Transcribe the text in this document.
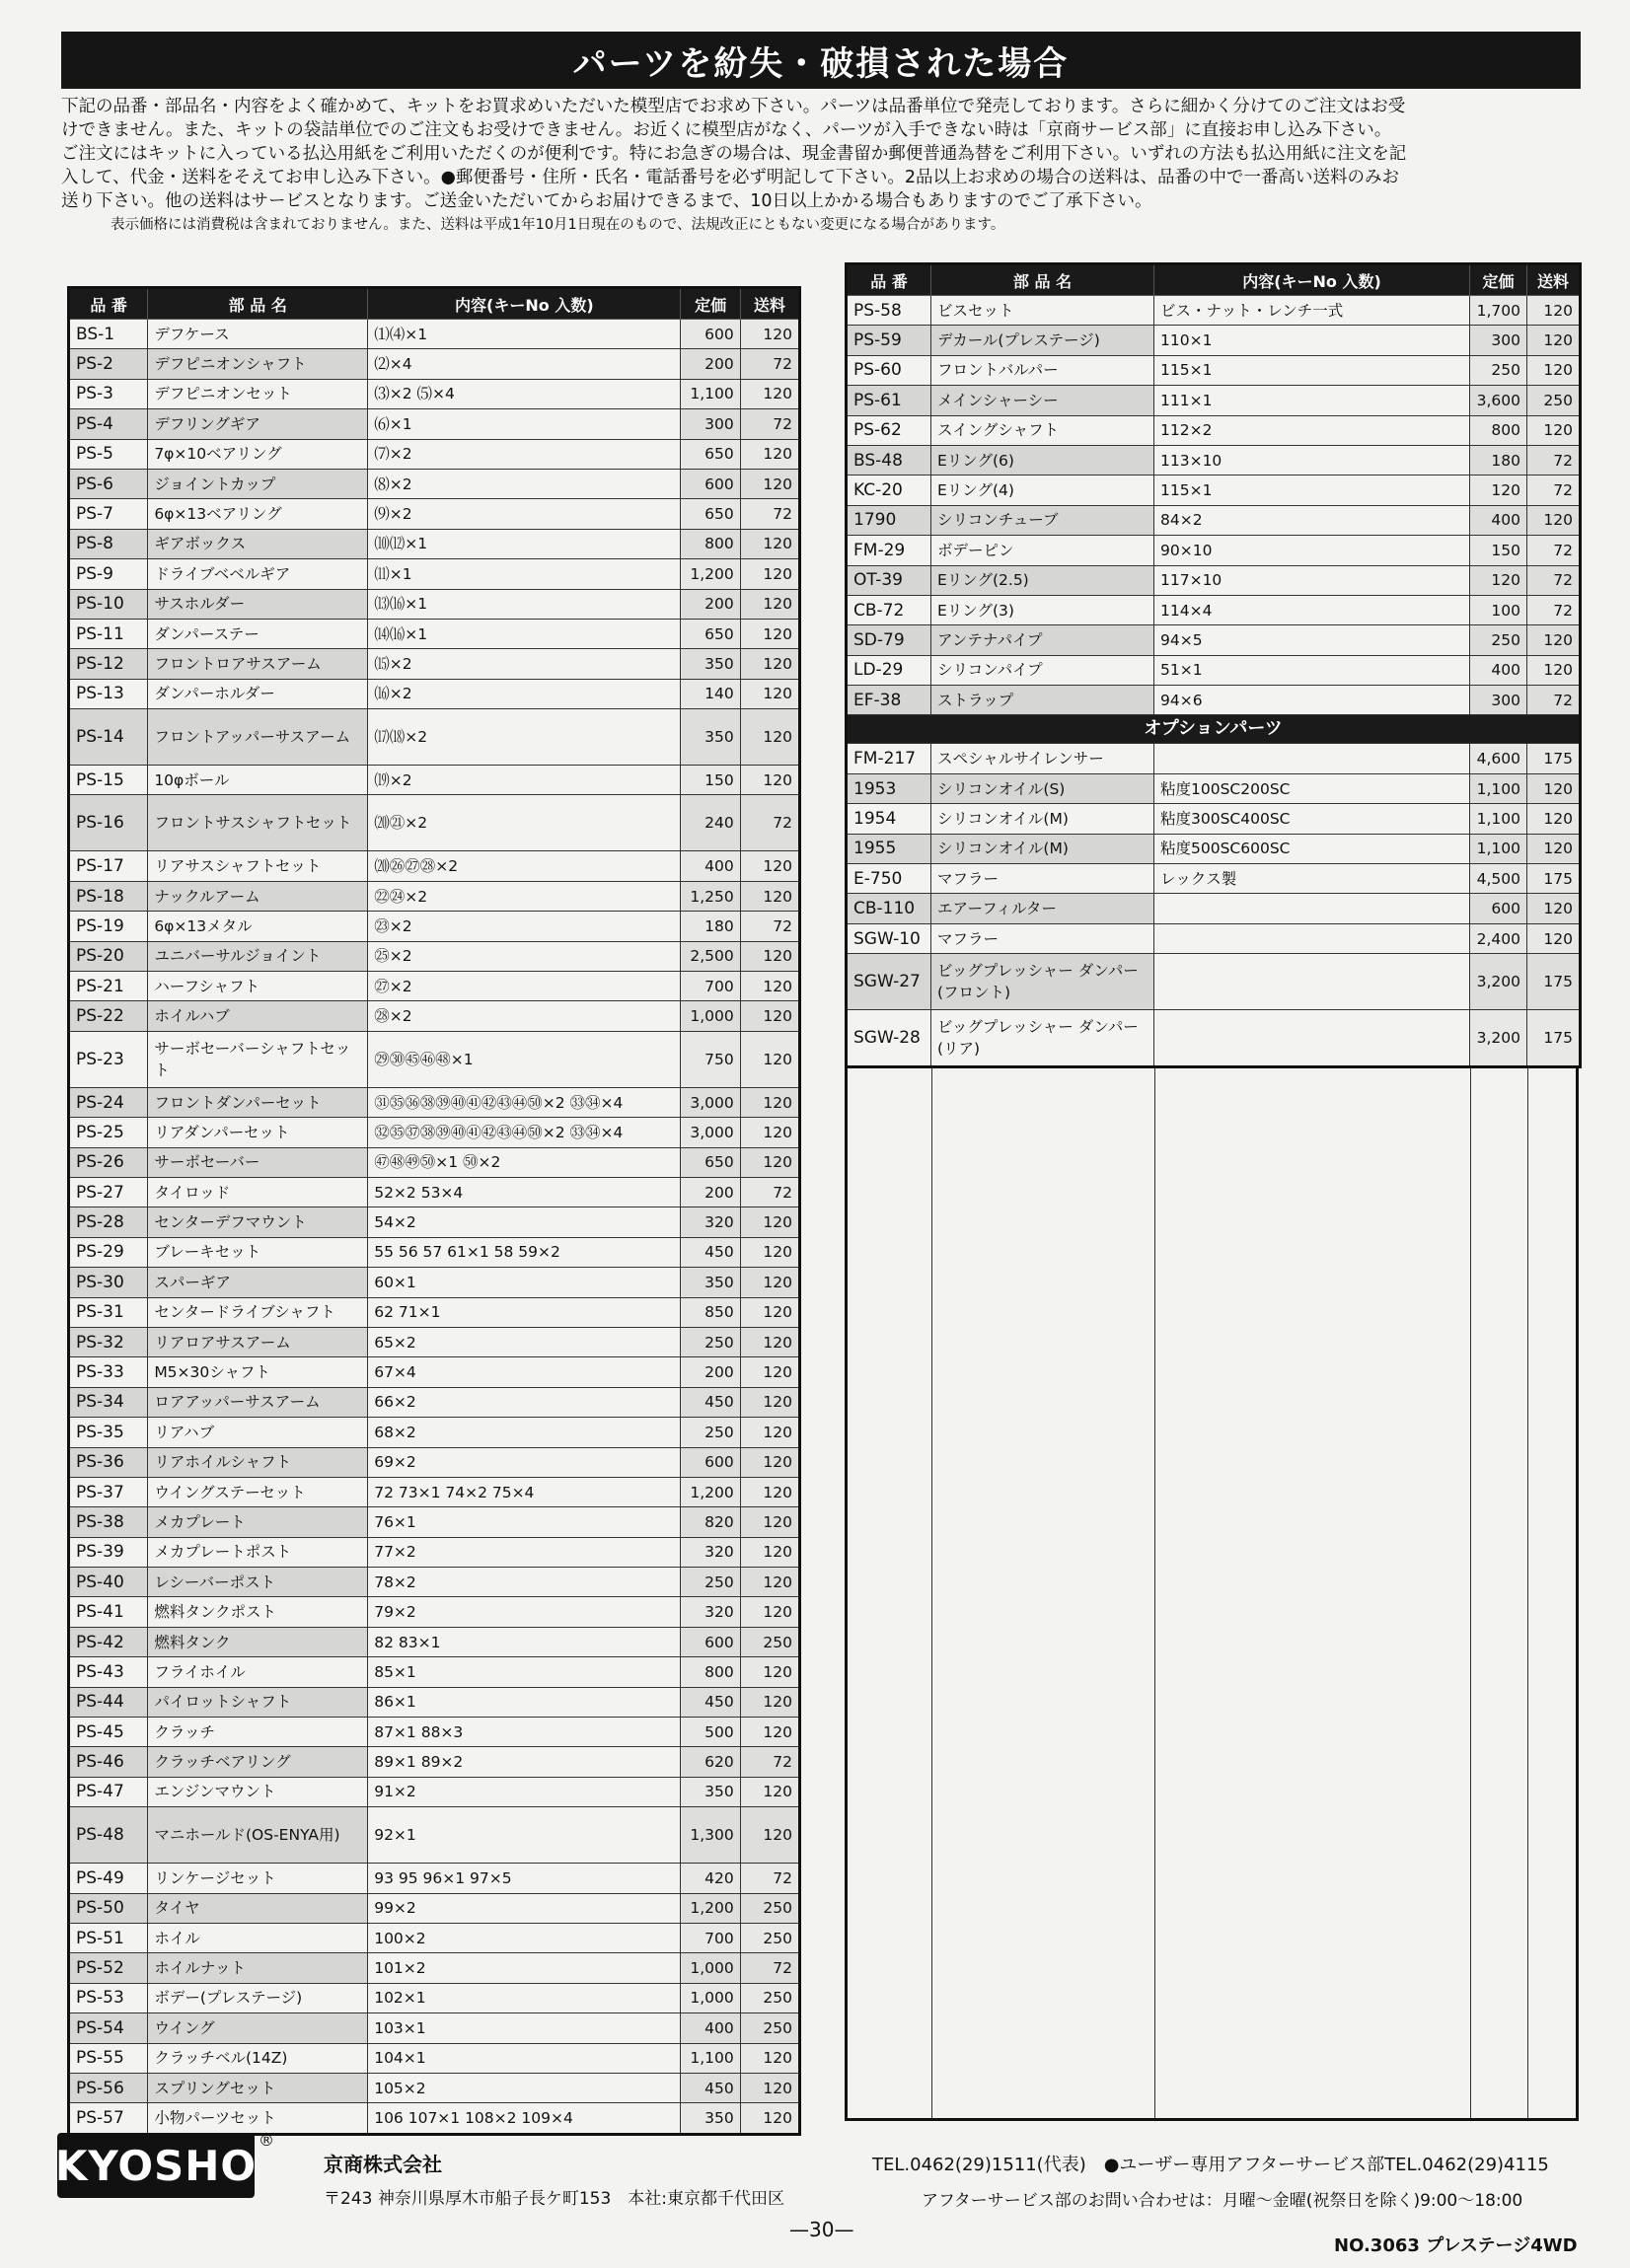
パーツを紛失・破損された場合

下記の品番・部品名・内容をよく確かめて、キットをお買求めいただいた模型店でお求め下さい。パーツは品番単位で発売しております。さらに細かく分けてのご注文はお受

けできません。また、キットの袋詰単位でのご注文もお受けできません。お近くに模型店がなく、パーツが入手できない時は「京商サービス部」に直接お申し込み下さい。

ご注文にはキットに入っている払込用紙をご利用いただくのが便利です。特にお急ぎの場合は、現金書留か郵便普通為替をご利用下さい。いずれの方法も払込用紙に注文を記

入して、代金・送料をそえてお申し込み下さい。●郵便番号・住所・氏名・電話番号を必ず明記して下さい。2品以上お求めの場合の送料は、品番の中で一番高い送料のみお

送り下さい。他の送料はサービスとなります。ご送金いただいてからお届けできるまで、10日以上かかる場合もありますのでご了承下さい。

表示価格には消費税は含まれておりません。また、送料は平成1年10月1日現在のもので、法規改正にともない変更になる場合があります。

品 番	部 品 名	内容(キーNo 入数)	定価	送料
BS-1	デフケース	⑴⑷×1	600	120
PS-2	デフピニオンシャフト	⑵×4	200	72
PS-3	デフピニオンセット	⑶×2 ⑸×4	1,100	120
PS-4	デフリングギア	⑹×1	300	72
PS-5	7φ×10ベアリング	⑺×2	650	120
PS-6	ジョイントカップ	⑻×2	600	120
PS-7	6φ×13ベアリング	⑼×2	650	72
PS-8	ギアボックス	⑽⑿×1	800	120
PS-9	ドライブベベルギア	⑾×1	1,200	120
PS-10	サスホルダー	⒀⒃×1	200	120
PS-11	ダンパーステー	⒁⒃×1	650	120
PS-12	フロントロアサスアーム	⒂×2	350	120
PS-13	ダンパーホルダー	⒃×2	140	120
PS-14	フロントアッパーサスアーム	⒄⒅×2	350	120
PS-15	10φボール	⒆×2	150	120
PS-16	フロントサスシャフトセット	⒇㉑×2	240	72
PS-17	リアサスシャフトセット	⒇㉖㉗㉘×2	400	120
PS-18	ナックルアーム	㉒㉔×2	1,250	120
PS-19	6φ×13メタル	㉓×2	180	72
PS-20	ユニバーサルジョイント	㉕×2	2,500	120
PS-21	ハーフシャフト	㉗×2	700	120
PS-22	ホイルハブ	㉘×2	1,000	120
PS-23	サーボセーバーシャフトセット	㉙㉚㊺㊻㊽×1	750	120
PS-24	フロントダンパーセット	㉛㉟㊱㊳㊴㊵㊶㊷㊸㊹㊿×2 ㉝㉞×4	3,000	120
PS-25	リアダンパーセット	㉜㉟㊲㊳㊴㊵㊶㊷㊸㊹㊿×2 ㉝㉞×4	3,000	120
PS-26	サーボセーバー	㊼㊽㊾㊿×1 ㊿×2	650	120
PS-27	タイロッド	52×2 53×4	200	72
PS-28	センターデフマウント	54×2	320	120
PS-29	ブレーキセット	55 56 57 61×1 58 59×2	450	120
PS-30	スパーギア	60×1	350	120
PS-31	センタードライブシャフト	62 71×1	850	120
PS-32	リアロアサスアーム	65×2	250	120
PS-33	M5×30シャフト	67×4	200	120
PS-34	ロアアッパーサスアーム	66×2	450	120
PS-35	リアハブ	68×2	250	120
PS-36	リアホイルシャフト	69×2	600	120
PS-37	ウイングステーセット	72 73×1 74×2 75×4	1,200	120
PS-38	メカプレート	76×1	820	120
PS-39	メカプレートポスト	77×2	320	120
PS-40	レシーバーポスト	78×2	250	120
PS-41	燃料タンクポスト	79×2	320	120
PS-42	燃料タンク	82 83×1	600	250
PS-43	フライホイル	85×1	800	120
PS-44	パイロットシャフト	86×1	450	120
PS-45	クラッチ	87×1 88×3	500	120
PS-46	クラッチベアリング	89×1 89×2	620	72
PS-47	エンジンマウント	91×2	350	120
PS-48	マニホールド(OS-ENYA用)	92×1	1,300	120
PS-49	リンケージセット	93 95 96×1 97×5	420	72
PS-50	タイヤ	99×2	1,200	250
PS-51	ホイル	100×2	700	250
PS-52	ホイルナット	101×2	1,000	72
PS-53	ボデー(プレステージ)	102×1	1,000	250
PS-54	ウイング	103×1	400	250
PS-55	クラッチベル(14Z)	104×1	1,100	120
PS-56	スプリングセット	105×2	450	120
PS-57	小物パーツセット	106 107×1 108×2 109×4	350	120
品 番	部 品 名	内容(キーNo 入数)	定価	送料
PS-58	ビスセット	ビス・ナット・レンチ一式	1,700	120
PS-59	デカール(プレステージ)	110×1	300	120
PS-60	フロントバルパー	115×1	250	120
PS-61	メインシャーシー	111×1	3,600	250
PS-62	スイングシャフト	112×2	800	120
BS-48	Eリング(6)	113×10	180	72
KC-20	Eリング(4)	115×1	120	72
1790	シリコンチューブ	84×2	400	120
FM-29	ボデーピン	90×10	150	72
OT-39	Eリング(2.5)	117×10	120	72
CB-72	Eリング(3)	114×4	100	72
SD-79	アンテナパイプ	94×5	250	120
LD-29	シリコンパイプ	51×1	400	120
EF-38	ストラップ	94×6	300	72
オプションパーツ				
FM-217	スペシャルサイレンサー		4,600	175
1953	シリコンオイル(S)	粘度100SC200SC	1,100	120
1954	シリコンオイル(M)	粘度300SC400SC	1,100	120
1955	シリコンオイル(M)	粘度500SC600SC	1,100	120
E-750	マフラー	レックス製	4,500	175
CB-110	エアーフィルター		600	120
SGW-10	マフラー		2,400	120
SGW-27	ビッグプレッシャー ダンパー(フロント)		3,200	175
SGW-28	ビッグプレッシャー ダンパー(リア)		3,200	175
KYOSHO
®
京商株式会社
〒243 神奈川県厚木市船子長ケ町153　本社:東京都千代田区
TEL.0462(29)1511(代表)　●ユーザー専用アフターサービス部TEL.0462(29)4115
アフターサービス部のお問い合わせは：月曜〜金曜(祝祭日を除く)9:00〜18:00
—30—
NO.3063 プレステージ4WD
